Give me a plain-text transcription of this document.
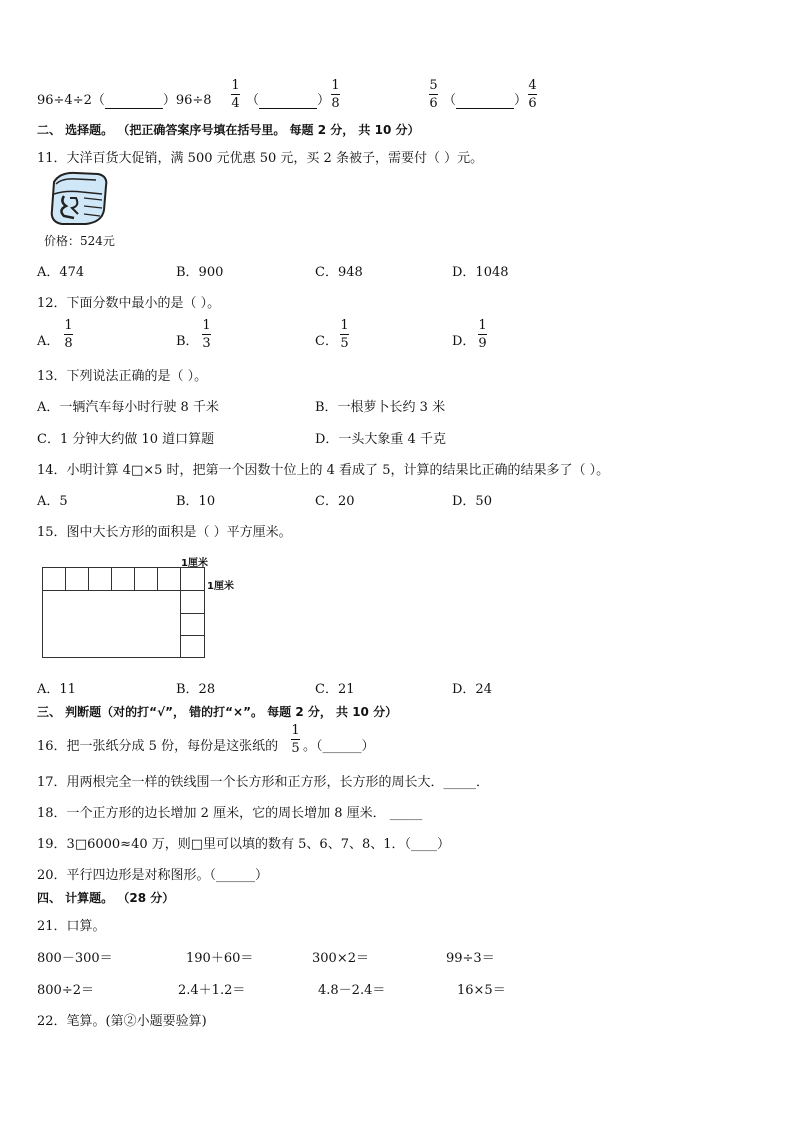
96÷4÷2（	）96÷8
1
4 （	）
1
8
5
6 （	）
4
6
二、 选择题。 （把正确答案序号填在括号里。 每题 2 分， 共 10 分）
11．大洋百货大促销，满 500 元优惠 50 元，买 2 条被子，需要付（ ）元。
价格：524元
A．474	B．900	C．948	D．1048
12．下面分数中最小的是（ ）。
A．
1
8	B．
1
3	C．
1
5	D．
1
9
13．下列说法正确的是（ ）。
A．一辆汽车每小时行驶 8 千米	B．一根萝卜长约 3 米
C．1 分钟大约做 10 道口算题	D．一头大象重 4 千克
14．小明计算 4□×5 时，把第一个因数十位上的 4 看成了 5，计算的结果比正确的结果多了（ ）。
A．5	B．10	C．20	D．50
15．图中大长方形的面积是（ ）平方厘米。
1厘米
1厘米
A．11	B．28	C．21	D．24
三、 判断题（对的打“√”， 错的打“×”。 每题 2 分， 共 10 分）
16．把一张纸分成 5 份，每份是这张纸的
1
5 。（______）
17．用两根完全一样的铁线围一个长方形和正方形，长方形的周长大．_____．
18．一个正方形的边长增加 2 厘米，它的周长增加 8 厘米． _____
19．3□6000≈40 万，则□里可以填的数有 5、6、7、8、1．（____）
20．平行四边形是对称图形。（______）
四、 计算题。 （28 分）
21．口算。
800－300＝	190＋60＝	300×2＝	99÷3＝
800÷2＝	2.4＋1.2＝	4.8－2.4＝	16×5＝
22．笔算。(第②小题要验算)
